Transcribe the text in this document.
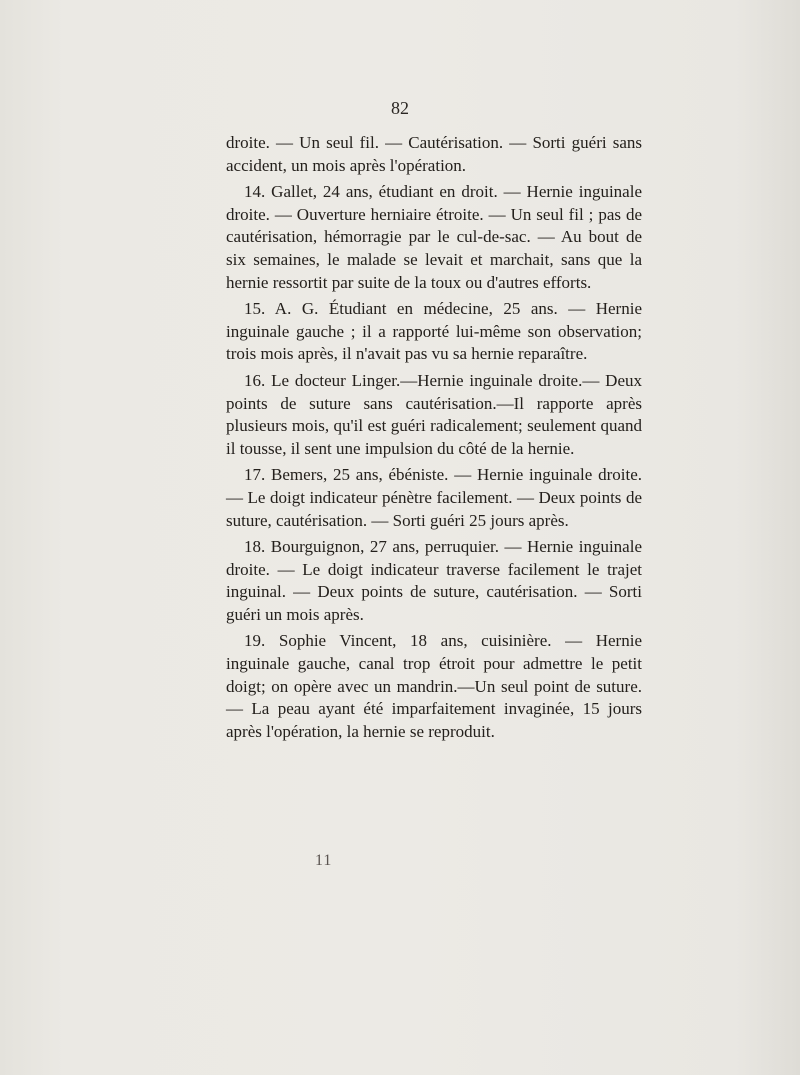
82

droite. — Un seul fil. — Cautérisation. — Sorti guéri sans accident, un mois après l'opération.

14. Gallet, 24 ans, étudiant en droit. — Hernie inguinale droite. — Ouverture herniaire étroite. — Un seul fil ; pas de cautérisation, hémorragie par le cul-de-sac. — Au bout de six semaines, le malade se levait et marchait, sans que la hernie ressortit par suite de la toux ou d'autres efforts.

15. A. G. Étudiant en médecine, 25 ans. — Hernie inguinale gauche ; il a rapporté lui-même son observation; trois mois après, il n'avait pas vu sa hernie reparaître.

16. Le docteur Linger.—Hernie inguinale droite.— Deux points de suture sans cautérisation.—Il rapporte après plusieurs mois, qu'il est guéri radicalement; seulement quand il tousse, il sent une impulsion du côté de la hernie.

17. Bemers, 25 ans, ébéniste. — Hernie inguinale droite. — Le doigt indicateur pénètre facilement. — Deux points de suture, cautérisation. — Sorti guéri 25 jours après.

18. Bourguignon, 27 ans, perruquier. — Hernie inguinale droite. — Le doigt indicateur traverse facilement le trajet inguinal. — Deux points de suture, cautérisation. — Sorti guéri un mois après.

19. Sophie Vincent, 18 ans, cuisinière. — Hernie inguinale gauche, canal trop étroit pour admettre le petit doigt; on opère avec un mandrin.—Un seul point de suture. — La peau ayant été imparfaitement invaginée, 15 jours après l'opération, la hernie se reproduit.

11
